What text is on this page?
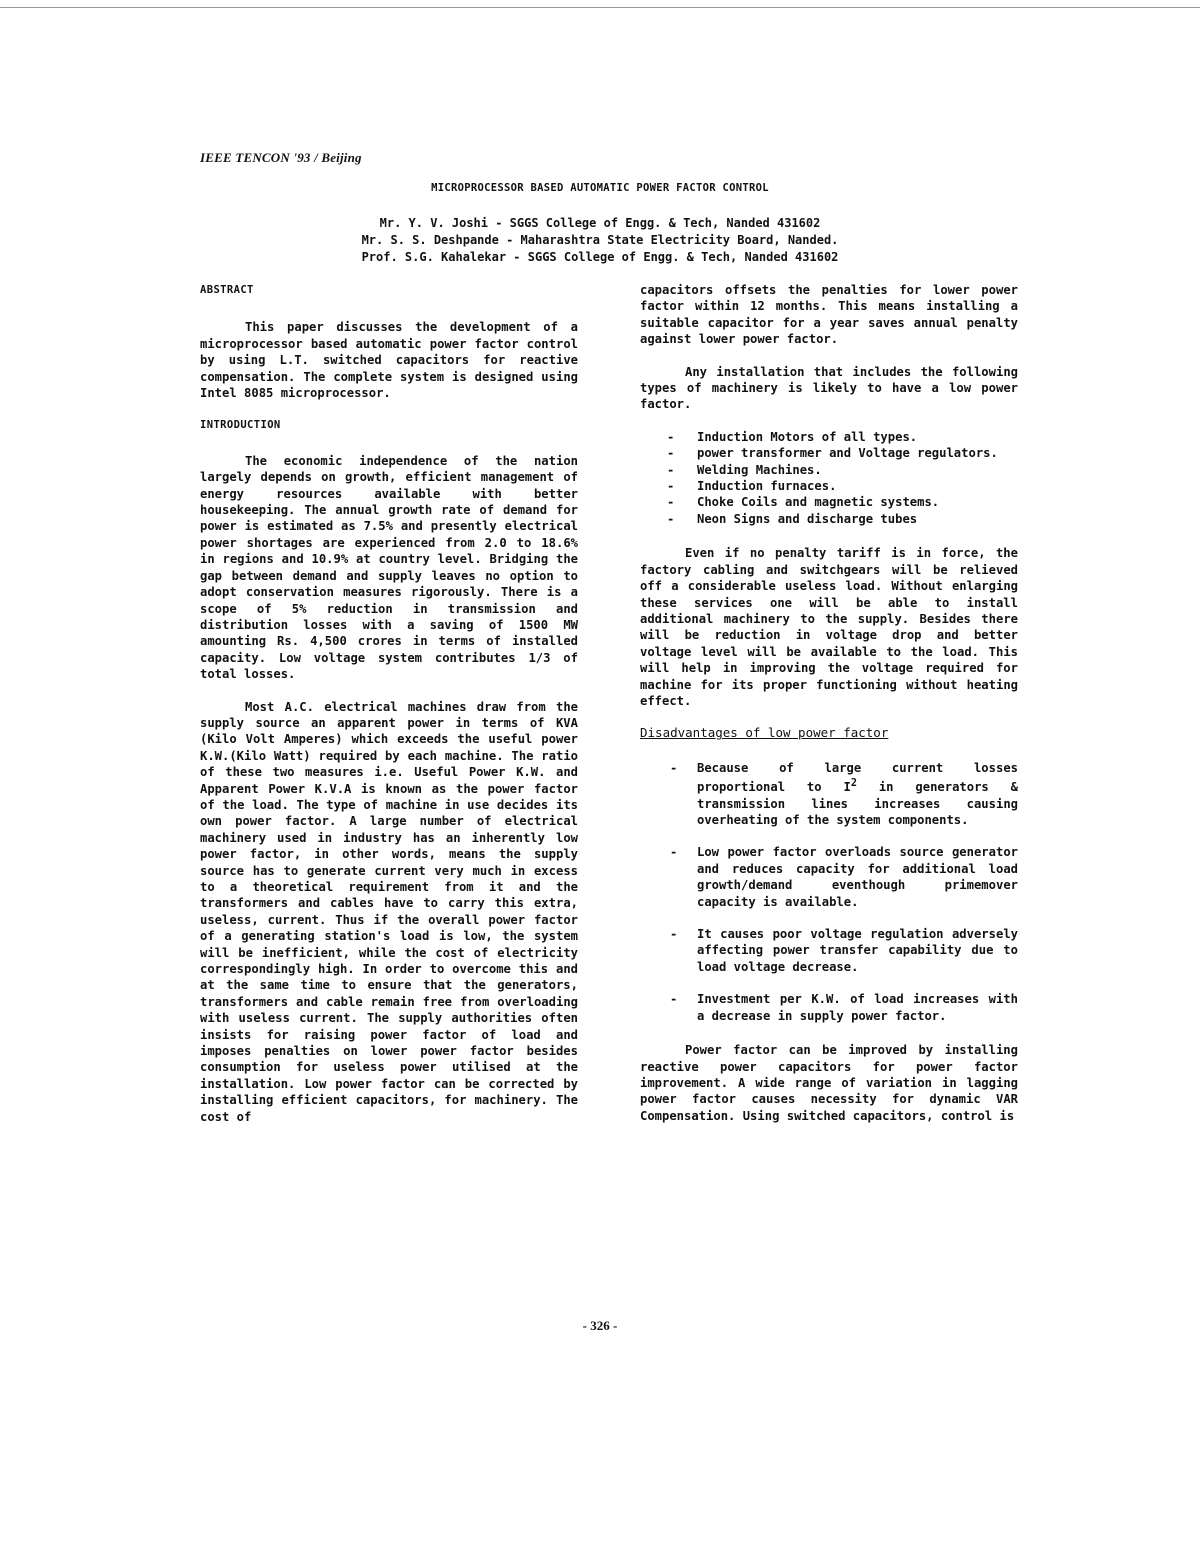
IEEE TENCON '93 / Beijing
MICROPROCESSOR BASED AUTOMATIC POWER FACTOR CONTROL
Mr. Y. V. Joshi - SGGS College of Engg. & Tech, Nanded 431602
Mr. S. S. Deshpande - Maharashtra State Electricity Board, Nanded.
Prof. S.G. Kahalekar - SGGS College of Engg. & Tech, Nanded 431602
ABSTRACT

This paper discusses the development of a microprocessor based automatic power factor control by using L.T. switched capacitors for reactive compensation. The complete system is designed using Intel 8085 microprocessor.

INTRODUCTION

The economic independence of the nation largely depends on growth, efficient management of energy resources available with better housekeeping. The annual growth rate of demand for power is estimated as 7.5% and presently electrical power shortages are experienced from 2.0 to 18.6% in regions and 10.9% at country level. Bridging the gap between demand and supply leaves no option to adopt conservation measures rigorously. There is a scope of 5% reduction in transmission and distribution losses with a saving of 1500 MW amounting Rs. 4,500 crores in terms of installed capacity. Low voltage system contributes 1/3 of total losses.

Most A.C. electrical machines draw from the supply source an apparent power in terms of KVA (Kilo Volt Amperes) which exceeds the useful power K.W.(Kilo Watt) required by each machine. The ratio of these two measures i.e. Useful Power K.W. and Apparent Power K.V.A is known as the power factor of the load. The type of machine in use decides its own power factor. A large number of electrical machinery used in industry has an inherently low power factor, in other words, means the supply source has to generate current very much in excess to a theoretical requirement from it and the transformers and cables have to carry this extra, useless, current. Thus if the overall power factor of a generating station's load is low, the system will be inefficient, while the cost of electricity correspondingly high. In order to overcome this and at the same time to ensure that the generators, transformers and cable remain free from overloading with useless current. The supply authorities often insists for raising power factor of load and imposes penalties on lower power factor besides consumption for useless power utilised at the installation. Low power factor can be corrected by installing efficient capacitors, for machinery. The cost of

capacitors offsets the penalties for lower power factor within 12 months. This means installing a suitable capacitor for a year saves annual penalty against lower power factor.

Any installation that includes the following types of machinery is likely to have a low power factor.

- Induction Motors of all types.
- power transformer and Voltage regulators.
- Welding Machines.
- Induction furnaces.
- Choke Coils and magnetic systems.
- Neon Signs and discharge tubes

Even if no penalty tariff is in force, the factory cabling and switchgears will be relieved off a considerable useless load. Without enlarging these services one will be able to install additional machinery to the supply. Besides there will be reduction in voltage drop and better voltage level will be available to the load. This will help in improving the voltage required for machine for its proper functioning without heating effect.

Disadvantages of low power factor
- Because of large current losses proportional to $I^2$ in generators & transmission lines increases causing overheating of the system components.
- Low power factor overloads source generator and reduces capacity for additional load growth/demand eventhough primemover capacity is available.
- It causes poor voltage regulation adversely affecting power transfer capability due to load voltage decrease.
- Investment per K.W. of load increases with a decrease in supply power factor.

Power factor can be improved by installing reactive power capacitors for power factor improvement. A wide range of variation in lagging power factor causes necessity for dynamic VAR Compensation. Using switched capacitors, control is

- 326 -
